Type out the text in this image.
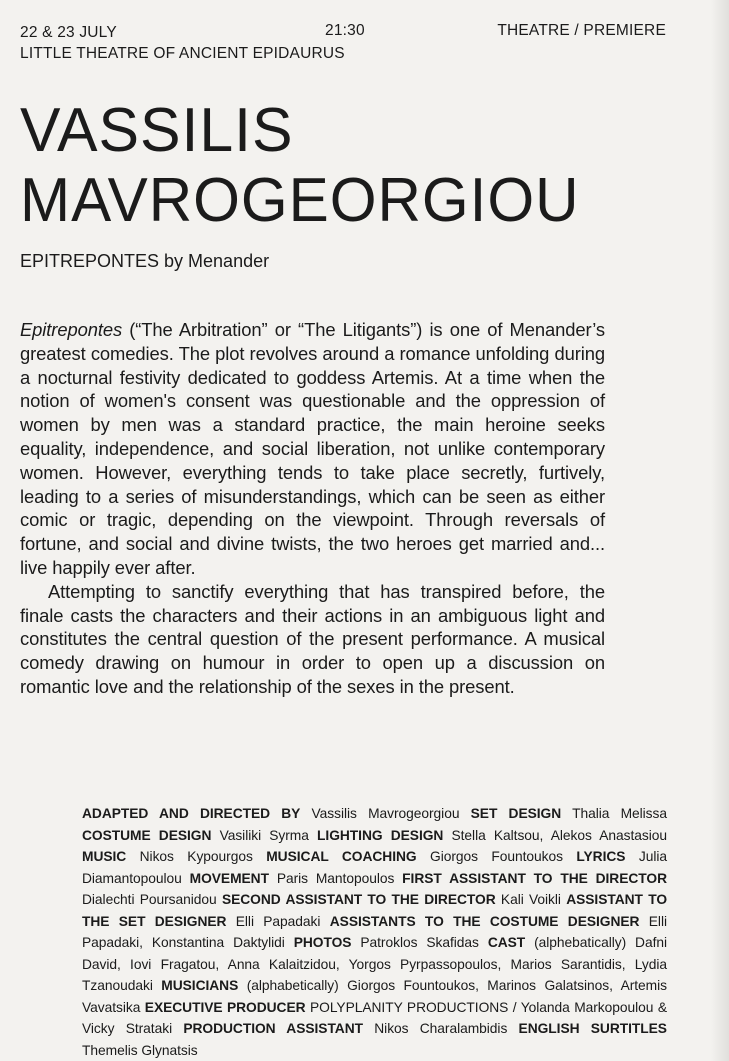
22 & 23 JULY
LITTLE THEATRE OF ANCIENT EPIDAURUS
21:30	THEATRE / PREMIERE
VASSILIS
MAVROGEORGIOU
EPITREPONTES by Menander

Epitrepontes (“The Arbitration” or “The Litigants”) is one of Menander’s greatest comedies. The plot revolves around a romance unfolding during a nocturnal festivity dedicated to goddess Artemis. At a time when the notion of women's consent was questionable and the oppression of women by men was a standard practice, the main heroine seeks equality, independence, and social liberation, not unlike contemporary women. However, everything tends to take place secretly, furtively, leading to a series of misunderstandings, which can be seen as either comic or tragic, depending on the viewpoint. Through reversals of fortune, and social and divine twists, the two heroes get married and... live happily ever after.

Attempting to sanctify everything that has transpired before, the finale casts the characters and their actions in an ambiguous light and constitutes the central question of the present performance. A musical comedy drawing on humour in order to open up a discussion on romantic love and the relationship of the sexes in the present.

ADAPTED AND DIRECTED BY Vassilis Mavrogeorgiou SET DESIGN Thalia Melissa COSTUME DESIGN Vasiliki Syrma LIGHTING DESIGN Stella Kaltsou, Alekos Anastasiou MUSIC Nikos Kypourgos MUSICAL COACHING Giorgos Fountoukos LYRICS Julia Diamantopoulou MOVEMENT Paris Mantopoulos FIRST ASSISTANT TO THE DIRECTOR Dialechti Poursanidou SECOND ASSISTANT TO THE DIRECTOR Kali Voikli ASSISTANT TO THE SET DESIGNER Elli Papadaki ASSISTANTS TO THE COSTUME DESIGNER Elli Papadaki, Konstantina Daktylidi PHOTOS Patroklos Skafidas CAST (alphebatically) Dafni David, Iovi Fragatou, Anna Kalaitzidou, Yorgos Pyrpassopoulos, Marios Sarantidis, Lydia Tzanoudaki MUSICIANS (alphabetically) Giorgos Fountoukos, Marinos Galatsinos, Artemis Vavatsika EXECUTIVE PRODUCER POLYPLANITY PRODUCTIONS / Yolanda Markopoulou & Vicky Strataki PRODUCTION ASSISTANT Nikos Charalambidis ENGLISH SURTITLES Themelis Glynatsis
